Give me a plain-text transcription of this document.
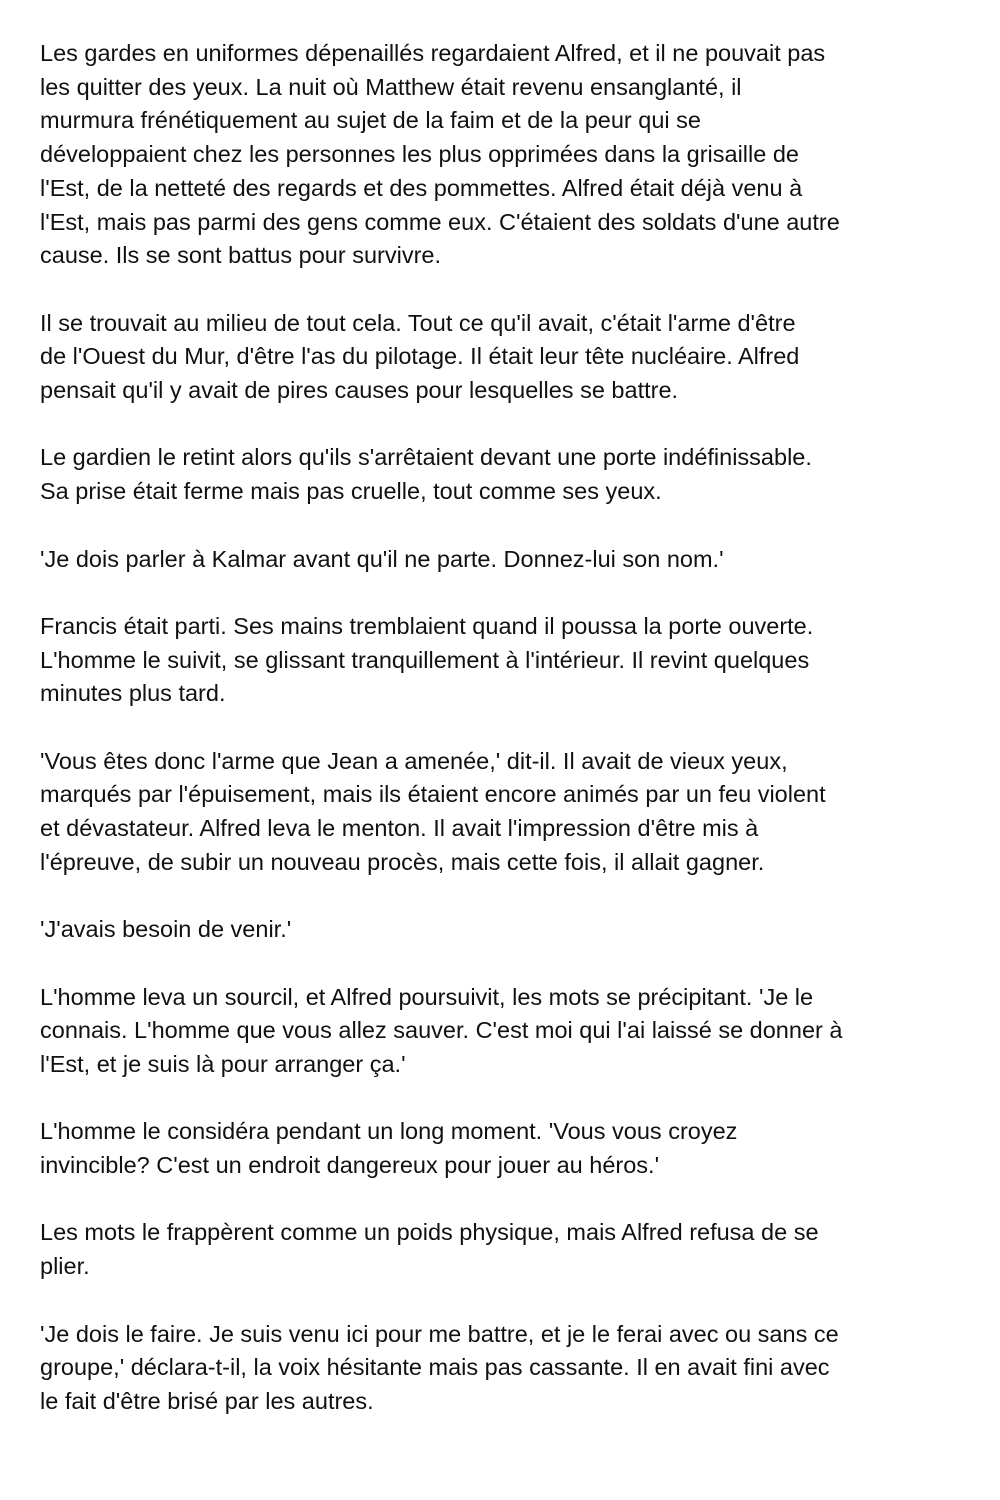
Les gardes en uniformes dépenaillés regardaient Alfred, et il ne pouvait pas
les quitter des yeux. La nuit où Matthew était revenu ensanglanté, il
murmura frénétiquement au sujet de la faim et de la peur qui se
développaient chez les personnes les plus opprimées dans la grisaille de
l'Est, de la netteté des regards et des pommettes. Alfred était déjà venu à
l'Est, mais pas parmi des gens comme eux. C'étaient des soldats d'une autre
cause. Ils se sont battus pour survivre.

Il se trouvait au milieu de tout cela. Tout ce qu'il avait, c'était l'arme d'être
de l'Ouest du Mur, d'être l'as du pilotage. Il était leur tête nucléaire. Alfred
pensait qu'il y avait de pires causes pour lesquelles se battre.

Le gardien le retint alors qu'ils s'arrêtaient devant une porte indéfinissable.
Sa prise était ferme mais pas cruelle, tout comme ses yeux.

'Je dois parler à Kalmar avant qu'il ne parte. Donnez-lui son nom.'

Francis était parti. Ses mains tremblaient quand il poussa la porte ouverte.
L'homme le suivit, se glissant tranquillement à l'intérieur. Il revint quelques
minutes plus tard.

'Vous êtes donc l'arme que Jean a amenée,' dit-il. Il avait de vieux yeux,
marqués par l'épuisement, mais ils étaient encore animés par un feu violent
et dévastateur. Alfred leva le menton. Il avait l'impression d'être mis à
l'épreuve, de subir un nouveau procès, mais cette fois, il allait gagner.

'J'avais besoin de venir.'

L'homme leva un sourcil, et Alfred poursuivit, les mots se précipitant. 'Je le
connais. L'homme que vous allez sauver. C'est moi qui l'ai laissé se donner à
l'Est, et je suis là pour arranger ça.'

L'homme le considéra pendant un long moment. 'Vous vous croyez
invincible? C'est un endroit dangereux pour jouer au héros.'

Les mots le frappèrent comme un poids physique, mais Alfred refusa de se
plier.

'Je dois le faire. Je suis venu ici pour me battre, et je le ferai avec ou sans ce
groupe,' déclara-t-il, la voix hésitante mais pas cassante. Il en avait fini avec
le fait d'être brisé par les autres.
